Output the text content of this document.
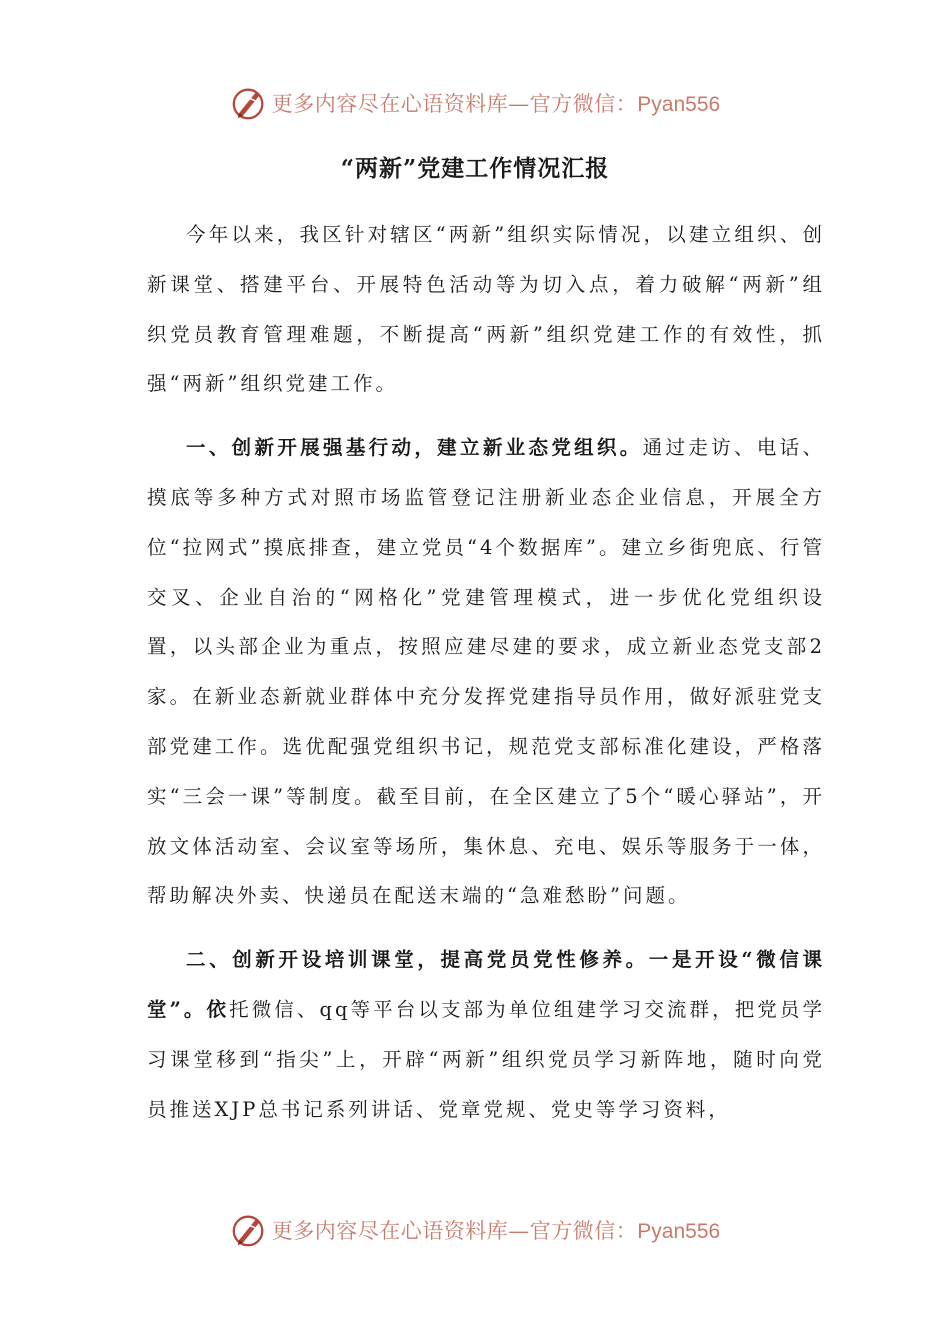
更多内容尽在心语资料库—官方微信：Pyan556
“两新”党建工作情况汇报

今年以来，我区针对辖区“两新”组织实际情况，以建立组织、创新课堂、搭建平台、开展特色活动等为切入点，着力破解“两新”组织党员教育管理难题，不断提高“两新”组织党建工作的有效性，抓强“两新”组织党建工作。

一、创新开展强基行动，建立新业态党组织。通过走访、电话、摸底等多种方式对照市场监管登记注册新业态企业信息，开展全方位“拉网式”摸底排查，建立党员“4个数据库”。建立乡街兜底、行管交叉、企业自治的“网格化”党建管理模式，进一步优化党组织设置，以头部企业为重点，按照应建尽建的要求，成立新业态党支部2家。在新业态新就业群体中充分发挥党建指导员作用，做好派驻党支部党建工作。选优配强党组织书记，规范党支部标准化建设，严格落实“三会一课”等制度。截至目前，在全区建立了5个“暖心驿站”，开放文体活动室、会议室等场所，集休息、充电、娱乐等服务于一体，帮助解决外卖、快递员在配送末端的“急难愁盼”问题。

二、创新开设培训课堂，提高党员党性修养。一是开设“微信课堂”。依托微信、qq等平台以支部为单位组建学习交流群，把党员学习课堂移到“指尖”上，开辟“两新”组织党员学习新阵地，随时向党员推送XJP总书记系列讲话、党章党规、党史等学习资料，

更多内容尽在心语资料库—官方微信：Pyan556
